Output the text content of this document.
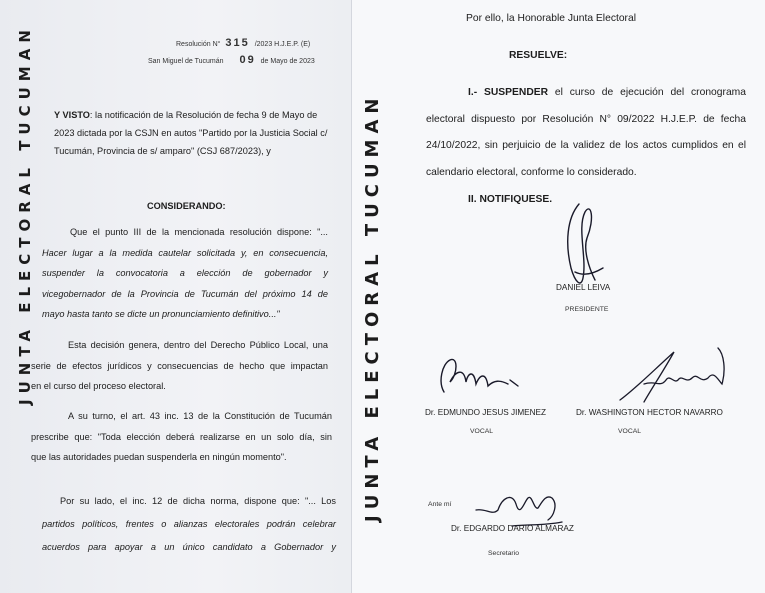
JUNTA ELECTORAL TUCUMAN	Resolución N° 315 /2023 H.J.E.P. (E)
San Miguel de Tucumán 09 de Mayo de 2023
Y VISTO: la notificación de la Resolución de fecha 9 de Mayo de
2023 dictada por la CSJN en autos "Partido por la Justicia Social c/
Tucumán, Provincia de s/ amparo" (CSJ 687/2023), y
CONSIDERANDO:
Que el punto III de la mencionada resolución dispone: "...
Hacer lugar a la medida cautelar solicitada y, en consecuencia,
suspender la convocatoria a elección de gobernador y
vicegobernador de la Provincia de Tucumán del próximo 14 de
mayo hasta tanto se dicte un pronunciamiento definitivo..."
Esta decisión genera, dentro del Derecho Público Local, una
serie de efectos jurídicos y consecuencias de hecho que impactan
en el curso del proceso electoral.
A su turno, el art. 43 inc. 13 de la Constitución de Tucumán
prescribe que: "Toda elección deberá realizarse en un solo día, sin
que las autoridades puedan suspenderla en ningún momento".
Por su lado, el inc. 12 de dicha norma, dispone que: "... Los
partidos políticos, frentes o alianzas electorales podrán celebrar
acuerdos para apoyar a un único candidato a Gobernador y
JUNTA ELECTORAL TUCUMAN
Por ello, la Honorable Junta Electoral
RESUELVE:
I.- SUSPENDER el curso de ejecución del cronograma
electoral dispuesto por Resolución N° 09/2022 H.J.E.P. de fecha
24/10/2022, sin perjuicio de la validez de los actos cumplidos en el
calendario electoral, conforme lo considerado.
II. NOTIFIQUESE.
DANIEL LEIVA
PRESIDENTE
Dr. EDMUNDO JESUS JIMENEZ
VOCAL
Dr. WASHINGTON HECTOR NAVARRO
VOCAL
Ante mí
Dr. EDGARDO DARIO ALMARAZ
Secretario
